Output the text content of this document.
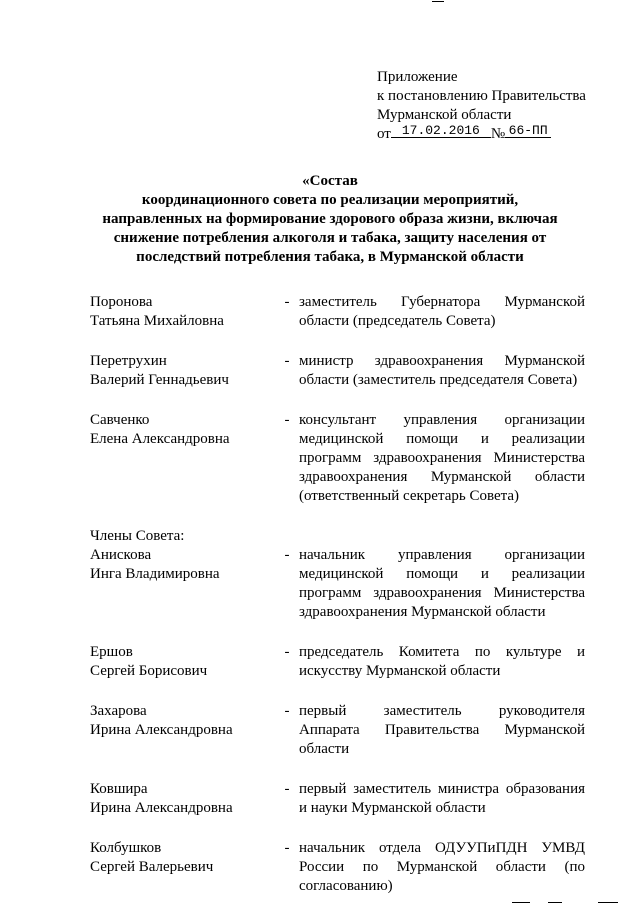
Приложение
к постановлению Правительства
Мурманской области
от 17.02.2016 № 66-ПП
«Состав
координационного совета по реализации мероприятий,
направленных на формирование здорового образа жизни, включая
снижение потребления алкоголя и табака, защиту населения от
последствий потребления табака, в Мурманской области
Поронова
Татьяна Михайловна
- заместитель Губернатора Мурманской
области (председатель Совета)
Перетрухин
Валерий Геннадьевич
- министр здравоохранения Мурманской
области (заместитель председателя Совета)
Савченко
Елена Александровна
- консультант управления организации
медицинской помощи и реализации
программ здравоохранения Министерства
здравоохранения Мурманской области
(ответственный секретарь Совета)
Члены Совета:
Анискова
Инга Владимировна
- начальник управления организации
медицинской помощи и реализации
программ здравоохранения Министерства
здравоохранения Мурманской области
Ершов
Сергей Борисович
- председатель Комитета по культуре и
искусству Мурманской области
Захарова
Ирина Александровна
- первый заместитель руководителя
Аппарата Правительства Мурманской
области
Ковшира
Ирина Александровна
- первый заместитель министра образования
и науки Мурманской области
Колбушков
Сергей Валерьевич
- начальник отдела ОДУУПиПДН УМВД
России по Мурманской области (по
согласованию)
